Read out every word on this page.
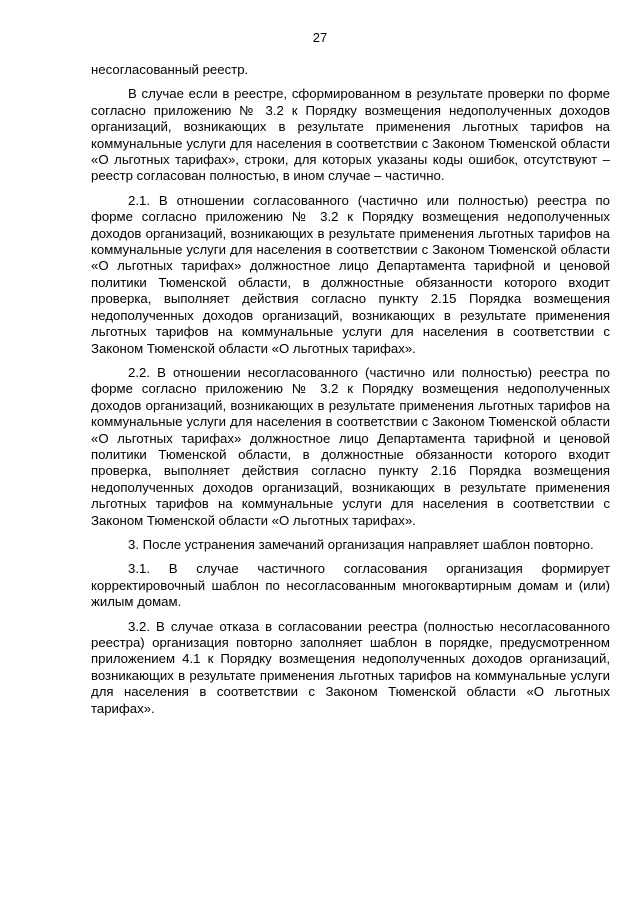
27

несогласованный реестр.

В случае если в реестре, сформированном в результате проверки по форме согласно приложению № 3.2 к Порядку возмещения недополученных доходов организаций, возникающих в результате применения льготных тарифов на коммунальные услуги для населения в соответствии с Законом Тюменской области «О льготных тарифах», строки, для которых указаны коды ошибок, отсутствуют – реестр согласован полностью, в ином случае – частично.

2.1. В отношении согласованного (частично или полностью) реестра по форме согласно приложению № 3.2 к Порядку возмещения недополученных доходов организаций, возникающих в результате применения льготных тарифов на коммунальные услуги для населения в соответствии с Законом Тюменской области «О льготных тарифах» должностное лицо Департамента тарифной и ценовой политики Тюменской области, в должностные обязанности которого входит проверка, выполняет действия согласно пункту 2.15 Порядка возмещения недополученных доходов организаций, возникающих в результате применения льготных тарифов на коммунальные услуги для населения в соответствии с Законом Тюменской области «О льготных тарифах».

2.2. В отношении несогласованного (частично или полностью) реестра по форме согласно приложению № 3.2 к Порядку возмещения недополученных доходов организаций, возникающих в результате применения льготных тарифов на коммунальные услуги для населения в соответствии с Законом Тюменской области «О льготных тарифах» должностное лицо Департамента тарифной и ценовой политики Тюменской области, в должностные обязанности которого входит проверка, выполняет действия согласно пункту 2.16 Порядка возмещения недополученных доходов организаций, возникающих в результате применения льготных тарифов на коммунальные услуги для населения в соответствии с Законом Тюменской области «О льготных тарифах».

3. После устранения замечаний организация направляет шаблон повторно.

3.1. В случае частичного согласования организация формирует корректировочный шаблон по несогласованным многоквартирным домам и (или) жилым домам.

3.2. В случае отказа в согласовании реестра (полностью несогласованного реестра) организация повторно заполняет шаблон в порядке, предусмотренном приложением 4.1 к Порядку возмещения недополученных доходов организаций, возникающих в результате применения льготных тарифов на коммунальные услуги для населения в соответствии с Законом Тюменской области «О льготных тарифах».
